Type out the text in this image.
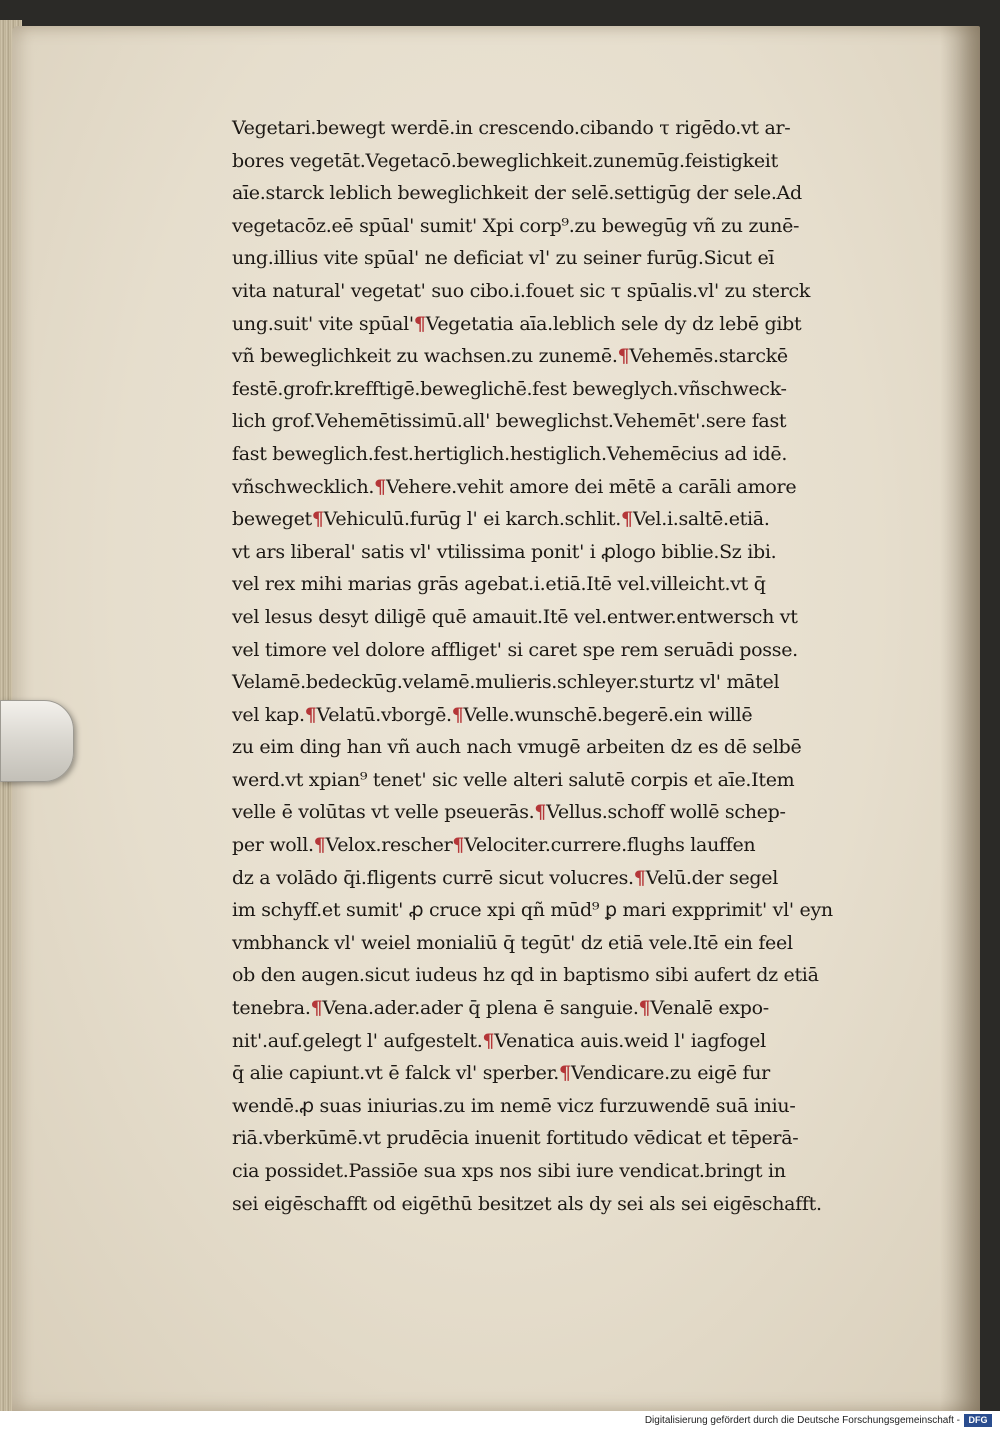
Vegetari.bewegt werdē.in crescendo.cibando τ rigēdo.vt ar-
bores vegetāt.Vegetacō.beweglichkeit.zunemūg.feistigkeit
aīe.starck leblich beweglichkeit der selē.settigūg der sele.Ad
vegetacōz.eē spūal' sumit' Xpi corp⁹.zu bewegūg vñ zu zunē-
ung.illius vite spūal' ne deficiat vl' zu seiner furūg.Sicut eī
vita natural' vegetat' suo cibo.i.fouet sic τ spūalis.vl' zu sterck
ung.suit' vite spūal'¶Vegetatia aīa.leblich sele dy dz lebē gibt
vñ beweglichkeit zu wachsen.zu zunemē.¶Vehemēs.starckē
festē.grofr.krefftigē.beweglichē.fest beweglych.vñschweck-
lich grof.Vehemētissimū.all' beweglichst.Vehemēt'.sere fast
fast beweglich.fest.hertiglich.hestiglich.Vehemēcius ad idē.
vñschwecklich.¶Vehere.vehit amore dei mētē a carāli amore
beweget¶Vehiculū.furūg l' ei karch.schlit.¶Vel.i.saltē.etiā.
vt ars liberal' satis vl' vtilissima ponit' i ꝓlogo biblie.Sz ibi.
vel rex mihi marias grās agebat.i.etiā.Itē vel.villeicht.vt q̄
vel lesus desyt diligē quē amauit.Itē vel.entwer.entwersch vt
vel timore vel dolore affliget' si caret spe rem seruādi posse.
Velamē.bedeckūg.velamē.mulieris.schleyer.sturtz vl' mātel
vel kap.¶Velatū.vborgē.¶Velle.wunschē.begerē.ein willē
zu eim ding han vñ auch nach vmugē arbeiten dz es dē selbē
werd.vt xpian⁹ tenet' sic velle alteri salutē corpis et aīe.Item
velle ē volūtas vt velle pseuerās.¶Vellus.schoff wollē schep-
per woll.¶Velox.rescher¶Velociter.currere.flughs lauffen
dz a volādo q̄i.fligents currē sicut volucres.¶Velū.der segel
im schyff.et sumit' ꝓ cruce xpi qñ mūd⁹ ꝑ mari expprimit' vl' eyn
vmbhanck vl' weiel monialiū q̄ tegūt' dz etiā vele.Itē ein feel
ob den augen.sicut iudeus hz qd in baptismo sibi aufert dz etiā
tenebra.¶Vena.ader.ader q̄ plena ē sanguie.¶Venalē expo-
nit'.auf.gelegt l' aufgestelt.¶Venatica auis.weid l' iagfogel
q̄ alie capiunt.vt ē falck vl' sperber.¶Vendicare.zu eigē fur
wendē.ꝓ suas iniurias.zu im nemē vicz furzuwendē suā iniu-
riā.vberkūmē.vt prudēcia inuenit fortitudo vēdicat et tēperā-
cia possidet.Passiōe sua xps nos sibi iure vendicat.bringt in
sei eigēschafft od eigēthū besitzet als dy sei als sei eigēschafft.
Digitalisierung gefördert durch die Deutsche Forschungsgemeinschaft - DFG
